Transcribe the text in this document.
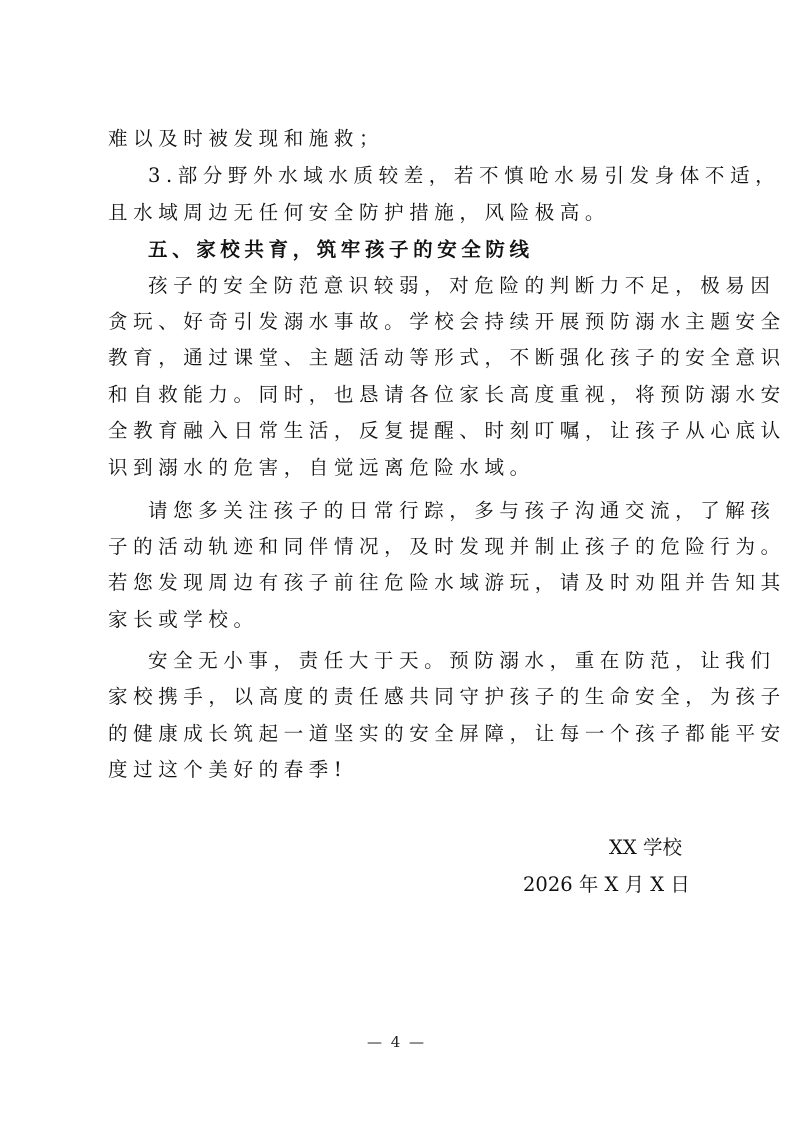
难以及时被发现和施救；
3.部分野外水域水质较差，若不慎呛水易引发身体不适，
且水域周边无任何安全防护措施，风险极高。
五、家校共育，筑牢孩子的安全防线
孩子的安全防范意识较弱，对危险的判断力不足，极易因
贪玩、好奇引发溺水事故。学校会持续开展预防溺水主题安全
教育，通过课堂、主题活动等形式，不断强化孩子的安全意识
和自救能力。同时，也恳请各位家长高度重视，将预防溺水安
全教育融入日常生活，反复提醒、时刻叮嘱，让孩子从心底认
识到溺水的危害，自觉远离危险水域。
请您多关注孩子的日常行踪，多与孩子沟通交流，了解孩
子的活动轨迹和同伴情况，及时发现并制止孩子的危险行为。
若您发现周边有孩子前往危险水域游玩，请及时劝阻并告知其
家长或学校。
安全无小事，责任大于天。预防溺水，重在防范，让我们
家校携手，以高度的责任感共同守护孩子的生命安全，为孩子
的健康成长筑起一道坚实的安全屏障，让每一个孩子都能平安
度过这个美好的春季!
XX 学校
2026 年 X 月 X 日
— 4 —
